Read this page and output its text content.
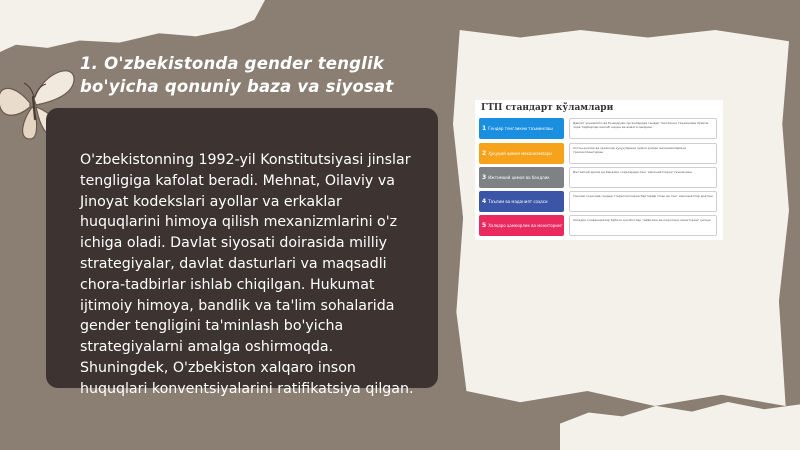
1. O'zbekistonda gender tenglik bo'yicha qonuniy baza va siyosat

O'zbekistonning 1992-yil Konstitutsiyasi jinslar tengligiga kafolat beradi. Mehnat, Oilaviy va Jinoyat kodekslari ayollar va erkaklar huquqlarini himoya qilish mexanizmlarini o'z ichiga oladi. Davlat siyosati doirasida milliy strategiyalar, davlat dasturlari va maqsadli chora-tadbirlar ishlab chiqilgan. Hukumat ijtimoiy himoya, bandlik va ta'lim sohalarida gender tengligini ta'minlash bo'yicha strategiyalarni amalga oshirmoqda. Shuningdek, O'zbekiston xalqaro inson huquqlari konventsiyalarini ratifikatsiya qilgan.

ГТП стандарт кўламлари
1 Гендер тенгликни таъминлаш
Давлат ҳокимияти ва бошқаруви органларида гендер тенгликни таъминлаш бўйича чора-тадбирлар ишлаб чиқиш ва амалга ошириш
2 Ҳуқуқий ҳимоя механизмлари
Хотин-қизлар ва эркаклар ҳуқуқларини ҳимоя қилиш механизмларини такомиллаштириш
3 Ижтимоий ҳимоя ва бандлик
Ижтимоий ҳимоя ва бандлик соҳаларида тенг имкониятларни таъминлаш
4 Таълим ва маданият соҳаси
Таълим соҳасида гендер стереотипларни бартараф этиш ва тенг имкониятлар яратиш
5 Халқаро ҳамкорлик ва мониторинг
Халқаро конвенциялар бўйича ҳисоботлар тайёрлаш ва ижросини мониторинг қилиш
